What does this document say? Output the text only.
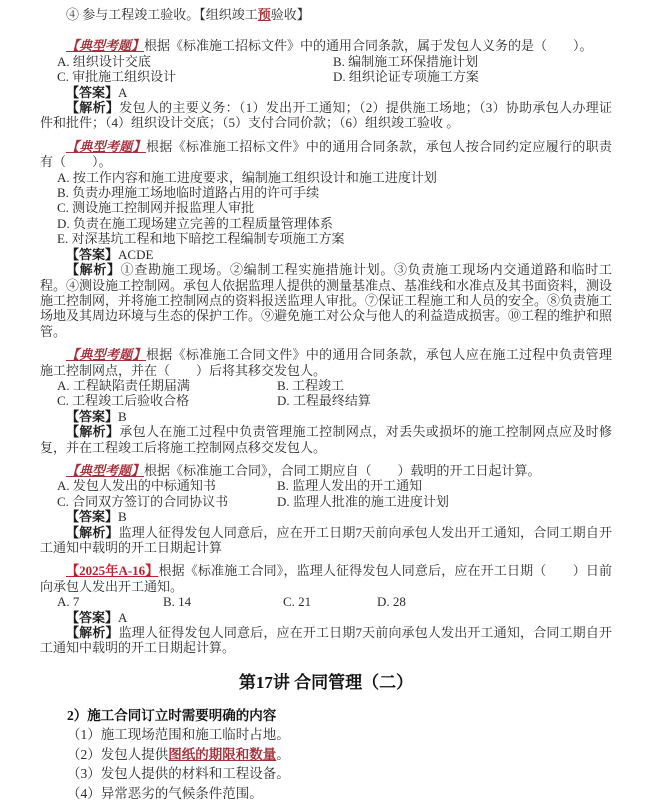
④ 参与工程竣工验收。【组织竣工预验收】

【典型考题】根据《标准施工招标文件》中的通用合同条款，属于发包人义务的是（　　）。

A. 组织设计交底	B. 编制施工环保措施计划
C. 审批施工组织设计	D. 组织论证专项施工方案

【答案】A

【解析】发包人的主要义务：（1）发出开工通知；（2）提供施工场地；（3）协助承包人办理证件和批件；（4）组织设计交底；（5）支付合同价款；（6）组织竣工验收 。

【典型考题】根据《标准施工招标文件》中的通用合同条款，承包人按合同约定应履行的职责有（　　）。

A. 按工作内容和施工进度要求，编制施工组织设计和施工进度计划

B. 负责办理施工场地临时道路占用的许可手续

C. 测设施工控制网并报监理人审批

D. 负责在施工现场建立完善的工程质量管理体系

E. 对深基坑工程和地下暗挖工程编制专项施工方案

【答案】ACDE

【解析】①查勘施工现场。②编制工程实施措施计划。③负责施工现场内交通道路和临时工程。④测设施工控制网。承包人依据监理人提供的测量基准点、基准线和水准点及其书面资料，测设施工控制网，并将施工控制网点的资料报送监理人审批。⑦保证工程施工和人员的安全。⑧负责施工场地及其周边环境与生态的保护工作。⑨避免施工对公众与他人的利益造成损害。⑩工程的维护和照管。

【典型考题】根据《标准施工合同文件》中的通用合同条款，承包人应在施工过程中负责管理施工控制网点，并在（　　）后将其移交发包人。

A. 工程缺陷责任期届满	B. 工程竣工
C. 工程竣工后验收合格	D. 工程最终结算

【答案】B

【解析】承包人在施工过程中负责管理施工控制网点，对丢失或损坏的施工控制网点应及时修复，并在工程竣工后将施工控制网点移交发包人。

【典型考题】根据《标准施工合同》，合同工期应自（　　）载明的开工日起计算。

A. 发包人发出的中标通知书	B. 监理人发出的开工通知
C. 合同双方签订的合同协议书	D. 监理人批准的施工进度计划

【答案】B

【解析】监理人征得发包人同意后，应在开工日期7天前向承包人发出开工通知，合同工期自开工通知中载明的开工日期起计算

【2025年A-16】根据《标准施工合同》，监理人征得发包人同意后，应在开工日期（　　）日前向承包人发出开工通知。

A. 7	B. 14	C. 21	D. 28

【答案】A

【解析】监理人征得发包人同意后，应在开工日期7天前向承包人发出开工通知，合同工期自开工通知中载明的开工日期起计算。

第17讲 合同管理（二）

2）施工合同订立时需要明确的内容

（1）施工现场范围和施工临时占地。

（2）发包人提供图纸的期限和数量。

（3）发包人提供的材料和工程设备。

（4）异常恶劣的气候条件范围。
